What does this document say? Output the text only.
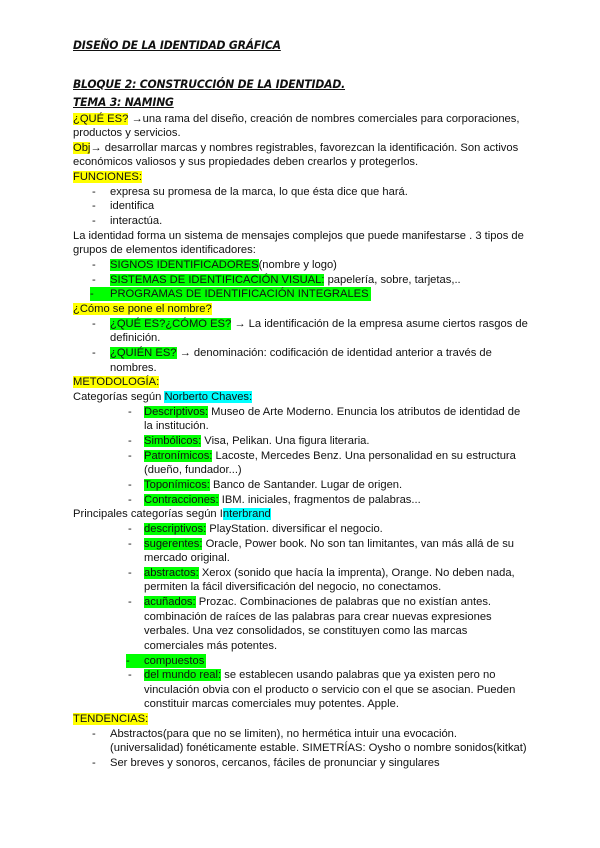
DISEÑO DE LA IDENTIDAD GRÁFICA
BLOQUE 2: CONSTRUCCIÓN DE LA IDENTIDAD.
TEMA 3: NAMING
¿QUÉ ES? →una rama del diseño, creación de nombres comerciales para corporaciones,
productos y servicios.
Obj→ desarrollar marcas y nombres registrables, favorezcan la identificación. Son activos
económicos valiosos y sus propiedades deben crearlos y protegerlos.
FUNCIONES:
- expresa su promesa de la marca, lo que ésta dice que hará.
- identifica
- interactúa.
La identidad forma un sistema de mensajes complejos que puede manifestarse . 3 tipos de
grupos de elementos identificadores:
- SIGNOS IDENTIFICADORES(nombre y logo)
- SISTEMAS DE IDENTIFICACIÓN VISUAL: papelería, sobre, tarjetas,..
- PROGRAMAS DE IDENTIFICACIÓN INTEGRALES
¿Cómo se pone el nombre?
- ¿QUÉ ES?¿CÓMO ES? → La identificación de la empresa asume ciertos rasgos de
definición.
- ¿QUIÉN ES? → denominación: codificación de identidad anterior a través de
nombres.
METODOLOGÍA:
Categorías según Norberto Chaves:
- Descriptivos: Museo de Arte Moderno. Enuncia los atributos de identidad de
la institución.
- Simbólicos: Visa, Pelikan. Una figura literaria.
- Patronímicos: Lacoste, Mercedes Benz. Una personalidad en su estructura
(dueño, fundador...)
- Toponímicos: Banco de Santander. Lugar de origen.
- Contracciones: IBM. iniciales, fragmentos de palabras...
Principales categorías según Interbrand
- descriptivos: PlayStation. diversificar el negocio.
- sugerentes: Oracle, Power book. No son tan limitantes, van más allá de su
mercado original.
- abstractos: Xerox (sonido que hacía la imprenta), Orange. No deben nada,
permiten la fácil diversificación del negocio, no conectamos.
- acuñados: Prozac. Combinaciones de palabras que no existían antes.
combinación de raíces de las palabras para crear nuevas expresiones
verbales. Una vez consolidados, se constituyen como las marcas
comerciales más potentes.
- compuestos
- del mundo real: se establecen usando palabras que ya existen pero no
vinculación obvia con el producto o servicio con el que se asocian. Pueden
constituir marcas comerciales muy potentes. Apple.
TENDENCIAS:
- Abstractos(para que no se limiten), no hermética intuir una evocación.
(universalidad) fonéticamente estable. SIMETRÍAS: Oysho o nombre sonidos(kitkat)
- Ser breves y sonoros, cercanos, fáciles de pronunciar y singulares
